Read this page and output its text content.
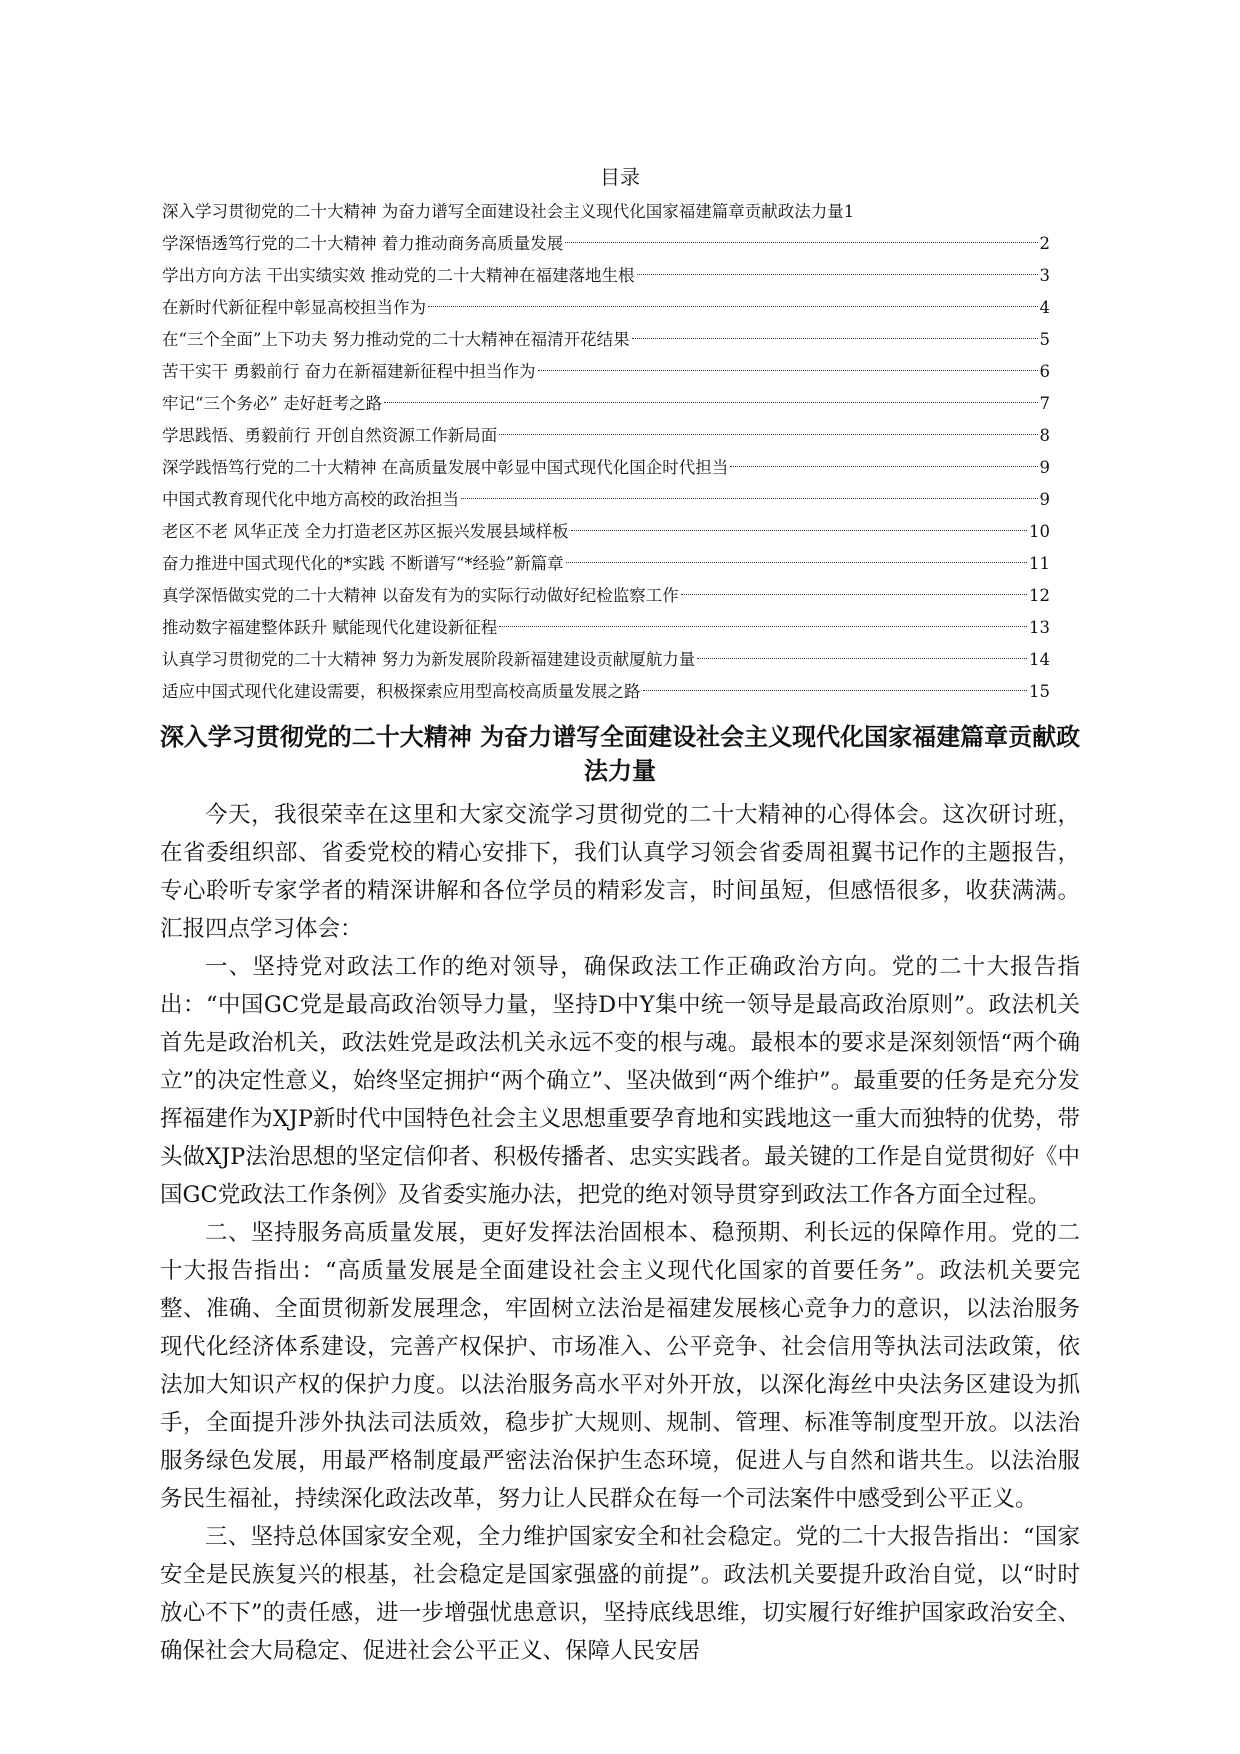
目录
深入学习贯彻党的二十大精神 为奋力谱写全面建设社会主义现代化国家福建篇章贡献政法力量 1
学深悟透笃行党的二十大精神 着力推动商务高质量发展	2
学出方向方法 干出实绩实效 推动党的二十大精神在福建落地生根	3
在新时代新征程中彰显高校担当作为	4
在“三个全面”上下功夫 努力推动党的二十大精神在福清开花结果	5
苦干实干 勇毅前行 奋力在新福建新征程中担当作为	6
牢记“三个务必” 走好赶考之路	7
学思践悟、勇毅前行 开创自然资源工作新局面	8
深学践悟笃行党的二十大精神 在高质量发展中彰显中国式现代化国企时代担当	9
中国式教育现代化中地方高校的政治担当	9
老区不老 风华正茂 全力打造老区苏区振兴发展县域样板	10
奋力推进中国式现代化的*实践 不断谱写“*经验”新篇章	11
真学深悟做实党的二十大精神 以奋发有为的实际行动做好纪检监察工作	12
推动数字福建整体跃升 赋能现代化建设新征程	13
认真学习贯彻党的二十大精神 努力为新发展阶段新福建建设贡献厦航力量	14
适应中国式现代化建设需要，积极探索应用型高校高质量发展之路	15
深入学习贯彻党的二十大精神 为奋力谱写全面建设社会主义现代化国家福建篇章贡献政法力量

今天，我很荣幸在这里和大家交流学习贯彻党的二十大精神的心得体会。这次研讨班，在省委组织部、省委党校的精心安排下，我们认真学习领会省委周祖翼书记作的主题报告，专心聆听专家学者的精深讲解和各位学员的精彩发言，时间虽短，但感悟很多，收获满满。汇报四点学习体会：

一、坚持党对政法工作的绝对领导，确保政法工作正确政治方向。党的二十大报告指出：“中国GC党是最高政治领导力量，坚持D中Y集中统一领导是最高政治原则”。政法机关首先是政治机关，政法姓党是政法机关永远不变的根与魂。最根本的要求是深刻领悟“两个确立”的决定性意义，始终坚定拥护“两个确立”、坚决做到“两个维护”。最重要的任务是充分发挥福建作为XJP新时代中国特色社会主义思想重要孕育地和实践地这一重大而独特的优势，带头做XJP法治思想的坚定信仰者、积极传播者、忠实实践者。最关键的工作是自觉贯彻好《中国GC党政法工作条例》及省委实施办法，把党的绝对领导贯穿到政法工作各方面全过程。

二、坚持服务高质量发展，更好发挥法治固根本、稳预期、利长远的保障作用。党的二十大报告指出：“高质量发展是全面建设社会主义现代化国家的首要任务”。政法机关要完整、准确、全面贯彻新发展理念，牢固树立法治是福建发展核心竞争力的意识，以法治服务现代化经济体系建设，完善产权保护、市场准入、公平竞争、社会信用等执法司法政策，依法加大知识产权的保护力度。以法治服务高水平对外开放，以深化海丝中央法务区建设为抓手，全面提升涉外执法司法质效，稳步扩大规则、规制、管理、标准等制度型开放。以法治服务绿色发展，用最严格制度最严密法治保护生态环境，促进人与自然和谐共生。以法治服务民生福祉，持续深化政法改革，努力让人民群众在每一个司法案件中感受到公平正义。

三、坚持总体国家安全观，全力维护国家安全和社会稳定。党的二十大报告指出：“国家安全是民族复兴的根基，社会稳定是国家强盛的前提”。政法机关要提升政治自觉，以“时时放心不下”的责任感，进一步增强忧患意识，坚持底线思维，切实履行好维护国家政治安全、确保社会大局稳定、促进社会公平正义、保障人民安居
